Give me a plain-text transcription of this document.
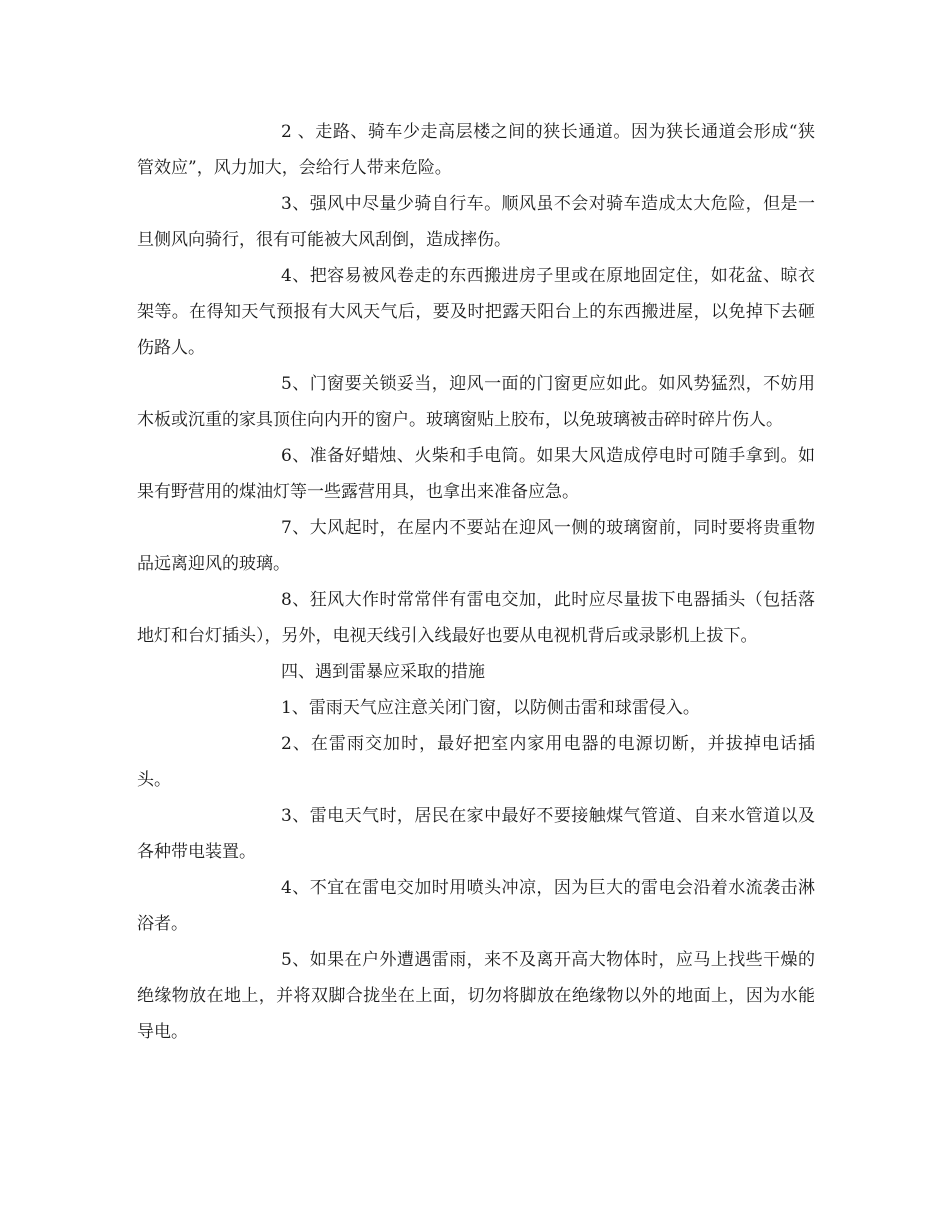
2 、走路、骑车少走高层楼之间的狭长通道。因为狭长通道会形成“狭管效应”，风力加大，会给行人带来危险。

3、强风中尽量少骑自行车。顺风虽不会对骑车造成太大危险，但是一旦侧风向骑行，很有可能被大风刮倒，造成摔伤。

4、把容易被风卷走的东西搬进房子里或在原地固定住，如花盆、晾衣架等。在得知天气预报有大风天气后，要及时把露天阳台上的东西搬进屋，以免掉下去砸伤路人。

5、门窗要关锁妥当，迎风一面的门窗更应如此。如风势猛烈，不妨用木板或沉重的家具顶住向内开的窗户。玻璃窗贴上胶布，以免玻璃被击碎时碎片伤人。

6、准备好蜡烛、火柴和手电筒。如果大风造成停电时可随手拿到。如果有野营用的煤油灯等一些露营用具，也拿出来准备应急。

7、大风起时，在屋内不要站在迎风一侧的玻璃窗前，同时要将贵重物品远离迎风的玻璃。

8、狂风大作时常常伴有雷电交加，此时应尽量拔下电器插头（包括落地灯和台灯插头），另外，电视天线引入线最好也要从电视机背后或录影机上拔下。

四、遇到雷暴应采取的措施

1、雷雨天气应注意关闭门窗，以防侧击雷和球雷侵入。

2、在雷雨交加时，最好把室内家用电器的电源切断，并拔掉电话插头。

3、雷电天气时，居民在家中最好不要接触煤气管道、自来水管道以及各种带电装置。

4、不宜在雷电交加时用喷头冲凉，因为巨大的雷电会沿着水流袭击淋浴者。

5、如果在户外遭遇雷雨，来不及离开高大物体时，应马上找些干燥的绝缘物放在地上，并将双脚合拢坐在上面，切勿将脚放在绝缘物以外的地面上，因为水能导电。
